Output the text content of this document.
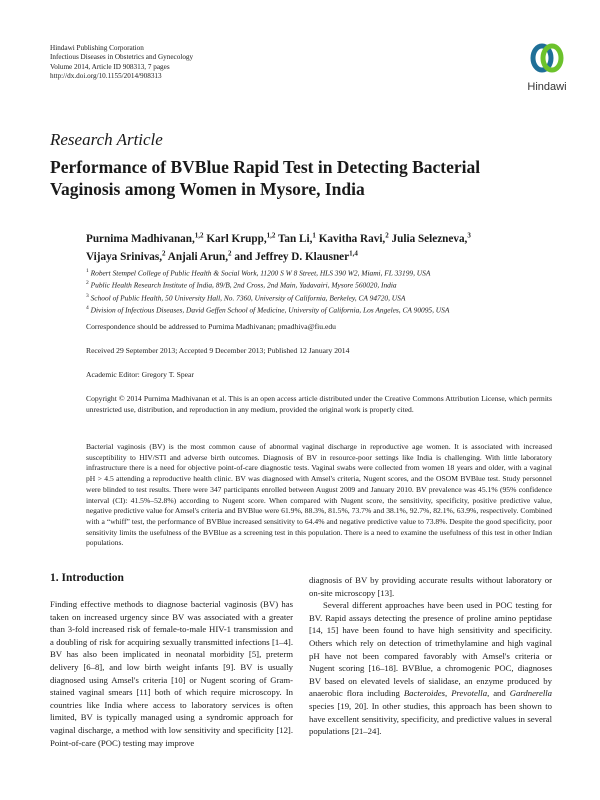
Hindawi Publishing Corporation
Infectious Diseases in Obstetrics and Gynecology
Volume 2014, Article ID 908313, 7 pages
http://dx.doi.org/10.1155/2014/908313
Hindawi
Research Article
Performance of BVBlue Rapid Test in Detecting Bacterial Vaginosis among Women in Mysore, India
Purnima Madhivanan,$^{1,2}$ Karl Krupp,$^{1,2}$ Tan Li,$^1$ Kavitha Ravi,$^2$ Julia Selezneva,$^3$
Vijaya Srinivas,$^2$ Anjali Arun,$^2$ and Jeffrey D. Klausner$^{1,4}$
$^1$ Robert Stempel College of Public Health & Social Work, 11200 S W 8 Street, HLS 390 W2, Miami, FL 33199, USA
$^2$ Public Health Research Institute of India, 89/B, 2nd Cross, 2nd Main, Yadavairi, Mysore 560020, India
$^3$ School of Public Health, 50 University Hall, No. 7360, University of California, Berkeley, CA 94720, USA
$^4$ Division of Infectious Diseases, David Geffen School of Medicine, University of California, Los Angeles, CA 90095, USA
Correspondence should be addressed to Purnima Madhivanan; pmadhiva@fiu.edu
Received 29 September 2013; Accepted 9 December 2013; Published 12 January 2014
Academic Editor: Gregory T. Spear
Copyright © 2014 Purnima Madhivanan et al. This is an open access article distributed under the Creative Commons Attribution License, which permits unrestricted use, distribution, and reproduction in any medium, provided the original work is properly cited.
Bacterial vaginosis (BV) is the most common cause of abnormal vaginal discharge in reproductive age women. It is associated with increased susceptibility to HIV/STI and adverse birth outcomes. Diagnosis of BV in resource-poor settings like India is challenging. With little laboratory infrastructure there is a need for objective point-of-care diagnostic tests. Vaginal swabs were collected from women 18 years and older, with a vaginal pH > 4.5 attending a reproductive health clinic. BV was diagnosed with Amsel's criteria, Nugent scores, and the OSOM BVBlue test. Study personnel were blinded to test results. There were 347 participants enrolled between August 2009 and January 2010. BV prevalence was 45.1% (95% confidence interval (CI): 41.5%–52.8%) according to Nugent score. When compared with Nugent score, the sensitivity, specificity, positive predictive value, negative predictive value for Amsel's criteria and BVBlue were 61.9%, 88.3%, 81.5%, 73.7% and 38.1%, 92.7%, 82.1%, 63.9%, respectively. Combined with a “whiff” test, the performance of BVBlue increased sensitivity to 64.4% and negative predictive value to 73.8%. Despite the good specificity, poor sensitivity limits the usefulness of the BVBlue as a screening test in this population. There is a need to examine the usefulness of this test in other Indian populations.
1. Introduction

Finding effective methods to diagnose bacterial vaginosis (BV) has taken on increased urgency since BV was associated with a greater than 3-fold increased risk of female-to-male HIV-1 transmission and a doubling of risk for acquiring sexually transmitted infections [1–4]. BV has also been implicated in neonatal morbidity [5], preterm delivery [6–8], and low birth weight infants [9]. BV is usually diagnosed using Amsel's criteria [10] or Nugent scoring of Gram-stained vaginal smears [11] both of which require microscopy. In countries like India where access to laboratory services is often limited, BV is typically managed using a syndromic approach for vaginal discharge, a method with low sensitivity and specificity [12]. Point-of-care (POC) testing may improve

diagnosis of BV by providing accurate results without laboratory or on-site microscopy [13].

Several different approaches have been used in POC testing for BV. Rapid assays detecting the presence of proline amino peptidase [14, 15] have been found to have high sensitivity and specificity. Others which rely on detection of trimethylamine and high vaginal pH have not been compared favorably with Amsel's criteria or Nugent scoring [16–18]. BVBlue, a chromogenic POC, diagnoses BV based on elevated levels of sialidase, an enzyme produced by anaerobic flora including Bacteroides, Prevotella, and Gardnerella species [19, 20]. In other studies, this approach has been shown to have excellent sensitivity, specificity, and predictive values in several populations [21–24].
